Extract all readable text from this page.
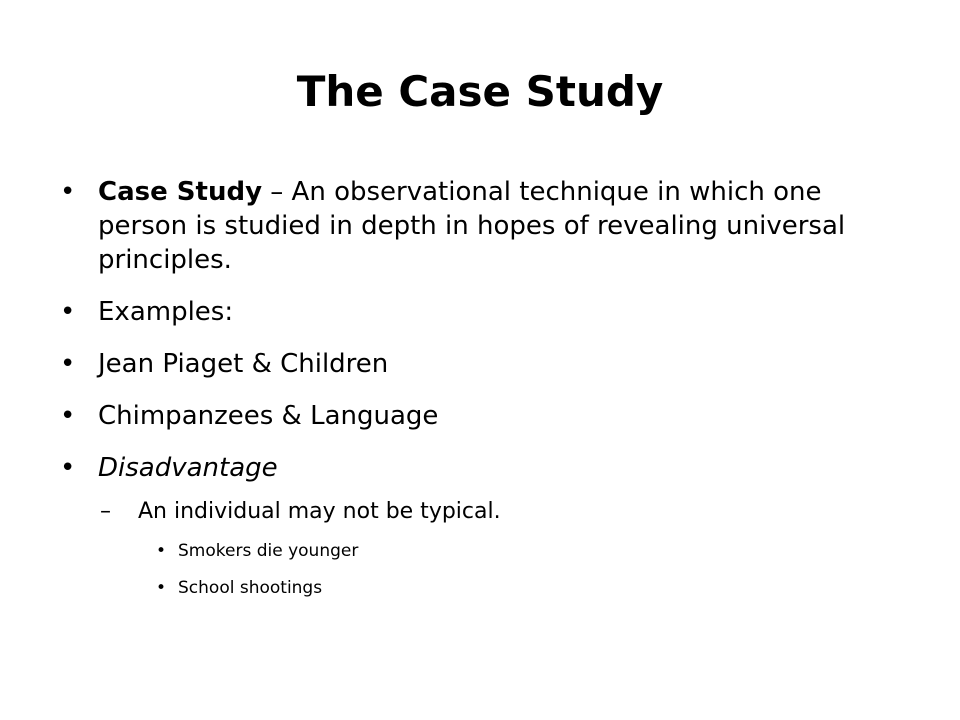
The Case Study
• Case Study – An observational technique in which one person is studied in depth in hopes of revealing universal principles.
• Examples:
• Jean Piaget & Children
• Chimpanzees & Language
• Disadvantage
–	An individual may not be typical.
• Smokers die younger
• School shootings
